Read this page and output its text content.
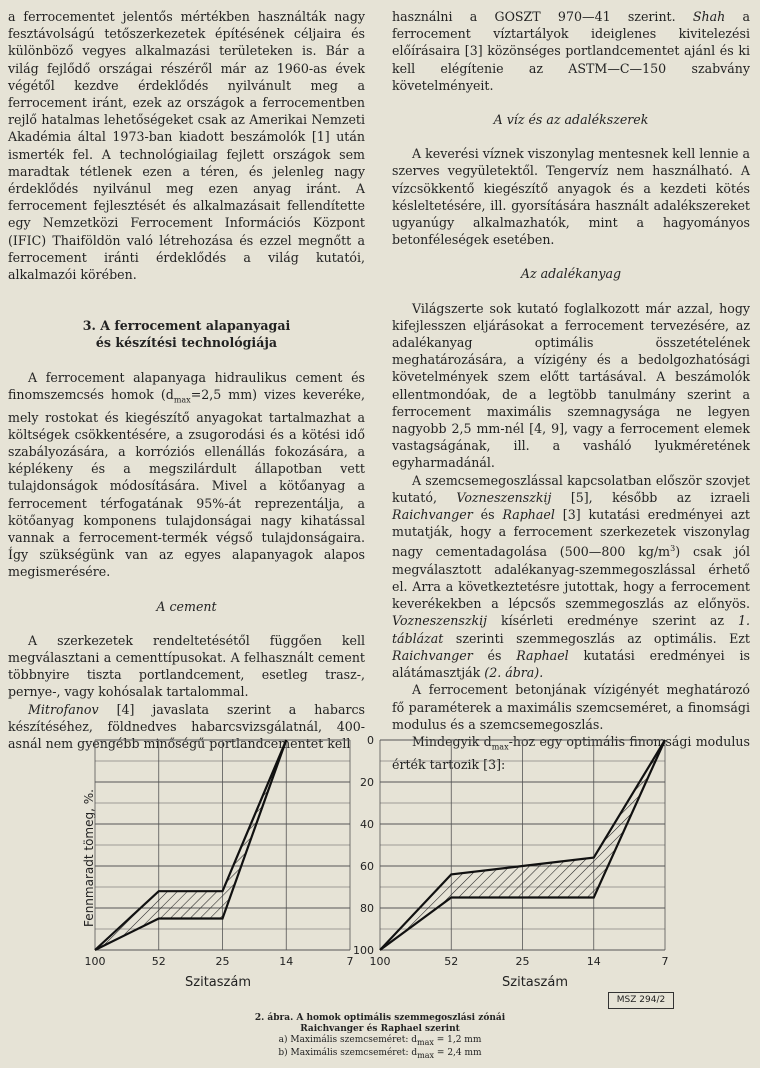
a ferrocementet jelentős mértékben használták nagy fesztávolságú tetőszerkezetek építésének céljaira és különböző vegyes alkalmazási területeken is. Bár a világ fejlődő országai részéről már az 1960-as évek végétől kezdve érdeklődés nyilvánult meg a ferrocement iránt, ezek az országok a ferrocementben rejlő hatalmas lehetőségeket csak az Amerikai Nemzeti Akadémia által 1973-ban kiadott beszámolók [1] után ismerték fel. A technológiailag fejlett országok sem maradtak tétlenek ezen a téren, és jelenleg nagy érdeklődés nyilvánul meg ezen anyag iránt. A ferrocement fejlesztését és alkalmazásait fellendítette egy Nemzetközi Ferrocement Információs Központ (IFIC) Thaiföldön való létrehozása és ezzel megnőtt a ferrocement iránti érdeklődés a világ kutatói, alkalmazói körében.

3. A ferrocement alapanyagai

és készítési technológiája

A ferrocement alapanyaga hidraulikus cement és finomszemcsés homok ($d_{max}=2,5$ mm) vizes keveréke, mely rostokat és kiegészítő anyagokat tartalmazhat a költségek csökkentésére, a zsugorodási és a kötési idő szabályozására, a korróziós ellenállás fokozására, a képlékeny és a megszilárdult állapotban vett tulajdonságok módosítására. Mivel a kötőanyag a ferrocement térfogatának 95%-át reprezentálja, a kötőanyag komponens tulajdonságai nagy kihatással vannak a ferrocement-termék végső tulajdonságaira. Így szükségünk van az egyes alapanyagok alapos megismerésére.

A cement

A szerkezetek rendeltetésétől függően kell megválasztani a cementtípusokat. A felhasznált cement többnyire tiszta portlandcement, esetleg trasz-, pernye-, vagy kohósalak tartalommal.

Mitrofanov [4] javaslata szerint a habarcs készítéséhez, földnedves habarcsvizsgálatnál, 400-asnál nem gyengébb minőségű portlandcementet kell

használni a GOSZT 970—41 szerint. Shah a ferrocement víztartályok ideiglenes kivitelezési előírásaira [3] közönséges portlandcementet ajánl és ki kell elégítenie az ASTM—C—150 szabvány követelményeit.

A víz és az adalékszerek

A keverési víznek viszonylag mentesnek kell lennie a szerves vegyületektől. Tengervíz nem használható. A vízcsökkentő kiegészítő anyagok és a kezdeti kötés késleltetésére, ill. gyorsítására használt adalékszereket ugyanúgy alkalmazhatók, mint a hagyományos betonféleségek esetében.

Az adalékanyag

Világszerte sok kutató foglalkozott már azzal, hogy kifejlesszen eljárásokat a ferrocement tervezésére, az adalékanyag optimális összetételének meghatározására, a vízigény és a bedolgozhatósági követelmények szem előtt tartásával. A beszámolók ellentmondóak, de a legtöbb tanulmány szerint a ferrocement maximális szemnagysága ne legyen nagyobb 2,5 mm-nél [4, 9], vagy a ferrocement elemek vastagságának, ill. a vasháló lyukméretének egyharmadánál.

A szemcsemegoszlással kapcsolatban először szovjet kutató, Vozneszenszkij [5], később az izraeli Raichvanger és Raphael [3] kutatási eredményei azt mutatják, hogy a ferrocement szerkezetek viszonylag nagy cementadagolása (500—800 $kg/m^3$) csak jól megválasztott adalékanyag-szemmegoszlással érhető el. Arra a következtetésre jutottak, hogy a ferrocement keverékekben a lépcsős szemmegoszlás az előnyös. Vozneszenszkij kísérleti eredménye szerint az 1. táblázat szerinti szemmegoszlás az optimális. Ezt Raichvanger és Raphael kutatási eredményei is alátámasztják (2. ábra).

A ferrocement betonjának vízigényét meghatározó fő paraméterek a maximális szemcseméret, a finomsági modulus és a szemcsemegoszlás.

Mindegyik $d_{max}$-hoz egy optimális finomsági modulus érték tartozik [3]:

Fennmaradt tömeg, %.
Szitaszám	Szitaszám
100	52	25	14	7 100	52	25	14	7
0
20
40
60
80
100
MSZ 294/2

2. ábra. A homok optimális szemmegoszlási zónái

Raichvanger és Raphael szerint

a) Maximális szemcseméret: $d_{max} = 1,2$ mm

b) Maximális szemcseméret: $d_{max} = 2,4$ mm
